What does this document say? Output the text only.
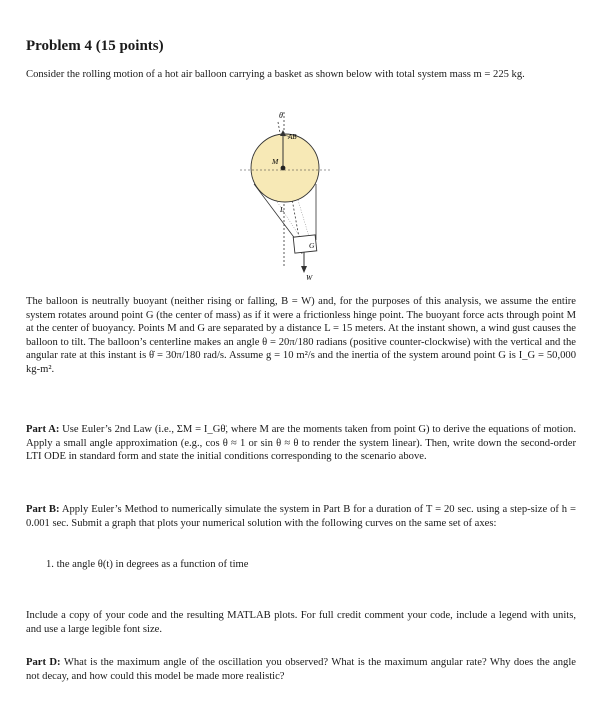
Problem 4 (15 points)

Consider the rolling motion of a hot air balloon carrying a basket as shown below with total system mass m = 225 kg.

θ
AB
M
L
G
W

The balloon is neutrally buoyant (neither rising or falling, B = W) and, for the purposes of this analysis, we assume the entire system rotates around point G (the center of mass) as if it were a frictionless hinge point. The buoyant force acts through point M at the center of buoyancy. Points M and G are separated by a distance L = 15 meters. At the instant shown, a wind gust causes the balloon to tilt. The balloon’s centerline makes an angle θ = 20π/180 radians (positive counter-clockwise) with the vertical and the angular rate at this instant is θ̇ = 30π/180 rad/s. Assume g = 10 m²/s and the inertia of the system around point G is I_G = 50,000 kg-m².

Part A: Use Euler’s 2nd Law (i.e., ΣM = I_Gθ̈, where M are the moments taken from point G) to derive the equations of motion. Apply a small angle approximation (e.g., cos θ ≈ 1 or sin θ ≈ θ to render the system linear). Then, write down the second-order LTI ODE in standard form and state the initial conditions corresponding to the scenario above.

Part B: Apply Euler’s Method to numerically simulate the system in Part B for a duration of T = 20 sec. using a step-size of h = 0.001 sec. Submit a graph that plots your numerical solution with the following curves on the same set of axes:

1. the angle θ(t) in degrees as a function of time

Include a copy of your code and the resulting MATLAB plots. For full credit comment your code, include a legend with units, and use a large legible font size.

Part D: What is the maximum angle of the oscillation you observed? What is the maximum angular rate? Why does the angle not decay, and how could this model be made more realistic?
